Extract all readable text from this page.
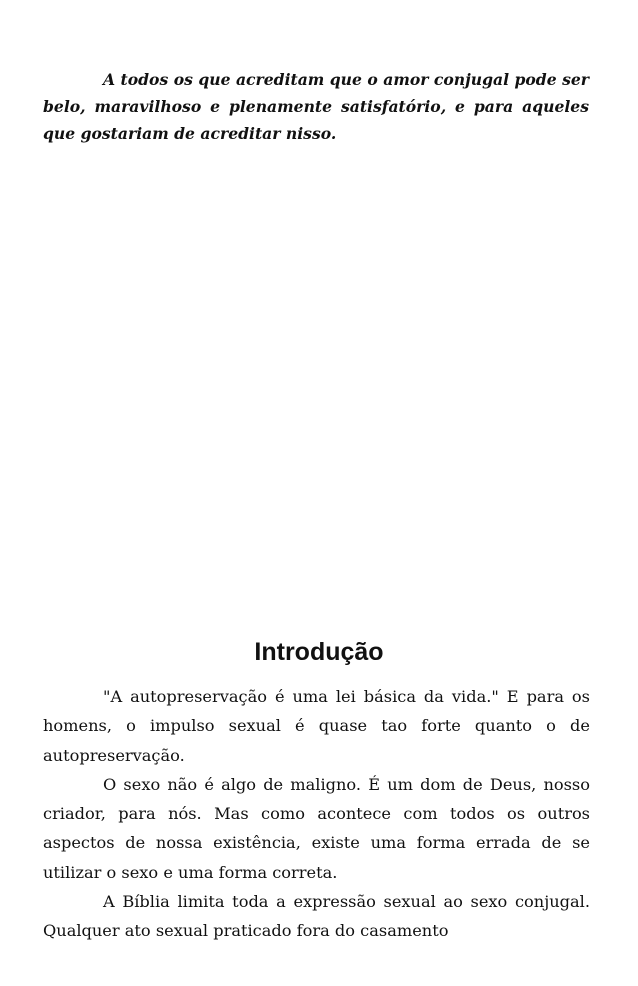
A todos os que acreditam que o amor conjugal pode ser belo, maravilhoso e plenamente satisfatório, e para aqueles que gostariam de acreditar nisso.

Introdução

"A autopreservação é uma lei básica da vida." E para os homens, o impulso sexual é quase tao forte quanto o de autopreservação.

O sexo não é algo de maligno. É um dom de Deus, nosso criador, para nós. Mas como acontece com todos os outros aspectos de nossa existência, existe uma forma errada de se utilizar o sexo e uma forma correta.

A Bíblia limita toda a expressão sexual ao sexo conjugal. Qualquer ato sexual praticado fora do casamento
